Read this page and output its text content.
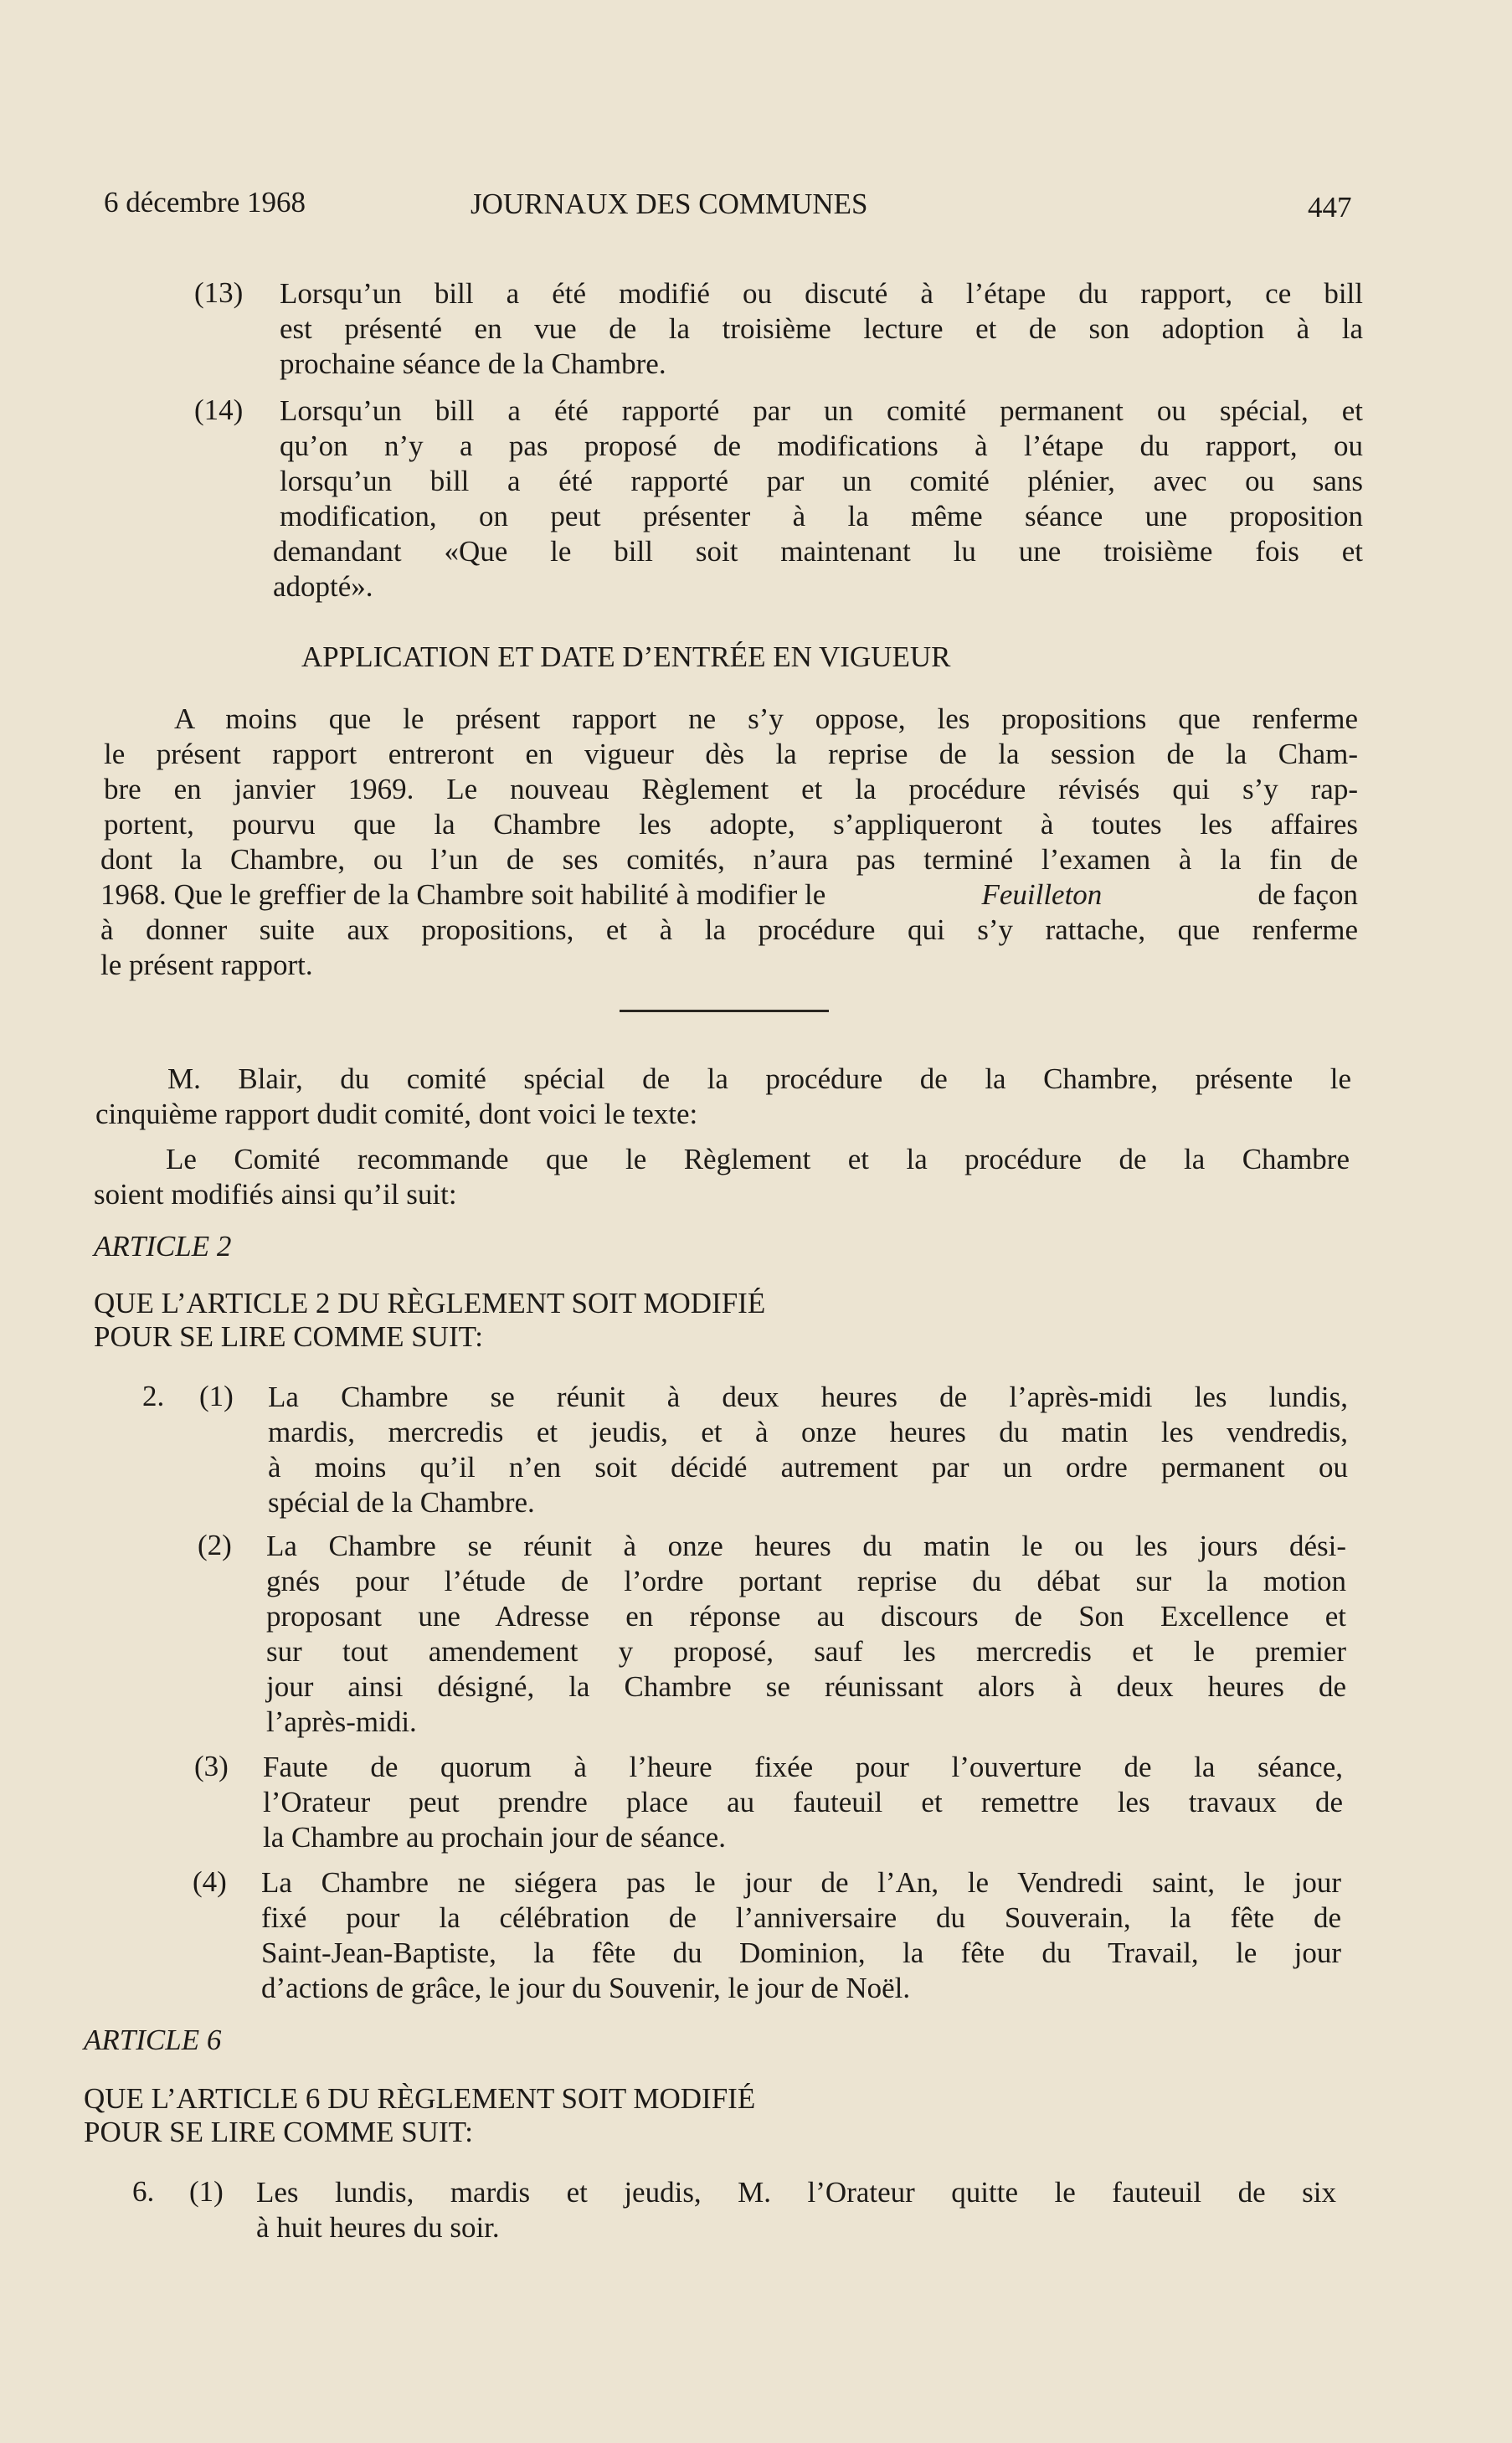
6 décembre 1968	JOURNAUX DES COMMUNES	447
(13) Lorsqu’un bill a été modifié ou discuté à l’étape du rapport, ce bill
est présenté en vue de la troisième lecture et de son adoption à la
prochaine séance de la Chambre.
(14) Lorsqu’un bill a été rapporté par un comité permanent ou spécial, et
qu’on n’y a pas proposé de modifications à l’étape du rapport, ou
lorsqu’un bill a été rapporté par un comité plénier, avec ou sans
modification, on peut présenter à la même séance une proposition
demandant «Que le bill soit maintenant lu une troisième fois et
adopté».
APPLICATION ET DATE D’ENTRÉE EN VIGUEUR
A moins que le présent rapport ne s’y oppose, les propositions que renferme
le présent rapport entreront en vigueur dès la reprise de la session de la Cham-
bre en janvier 1969. Le nouveau Règlement et la procédure révisés qui s’y rap-
portent, pourvu que la Chambre les adopte, s’appliqueront à toutes les affaires
dont la Chambre, ou l’un de ses comités, n’aura pas terminé l’examen à la fin de
1968. Que le greffier de la Chambre soit habilité à modifier le	Feuilleton	de façon
à donner suite aux propositions, et à la procédure qui s’y rattache, que renferme
le présent rapport.
M. Blair, du comité spécial de la procédure de la Chambre, présente le
cinquième rapport dudit comité, dont voici le texte:
Le Comité recommande que le Règlement et la procédure de la Chambre
soient modifiés ainsi qu’il suit:
ARTICLE 2
QUE L’ARTICLE 2 DU RÈGLEMENT SOIT MODIFIÉ
POUR SE LIRE COMME SUIT:
2. (1) La Chambre se réunit à deux heures de l’après-midi les lundis,
mardis, mercredis et jeudis, et à onze heures du matin les vendredis,
à moins qu’il n’en soit décidé autrement par un ordre permanent ou
spécial de la Chambre.
(2) La Chambre se réunit à onze heures du matin le ou les jours dési-
gnés pour l’étude de l’ordre portant reprise du débat sur la motion
proposant une Adresse en réponse au discours de Son Excellence et
sur tout amendement y proposé, sauf les mercredis et le premier
jour ainsi désigné, la Chambre se réunissant alors à deux heures de
l’après-midi.
(3) Faute de quorum à l’heure fixée pour l’ouverture de la séance,
l’Orateur peut prendre place au fauteuil et remettre les travaux de
la Chambre au prochain jour de séance.
(4) La Chambre ne siégera pas le jour de l’An, le Vendredi saint, le jour
fixé pour la célébration de l’anniversaire du Souverain, la fête de
Saint-Jean-Baptiste, la fête du Dominion, la fête du Travail, le jour
d’actions de grâce, le jour du Souvenir, le jour de Noël.
ARTICLE 6
QUE L’ARTICLE 6 DU RÈGLEMENT SOIT MODIFIÉ
POUR SE LIRE COMME SUIT:
6. (1) Les lundis, mardis et jeudis, M. l’Orateur quitte le fauteuil de six
à huit heures du soir.
